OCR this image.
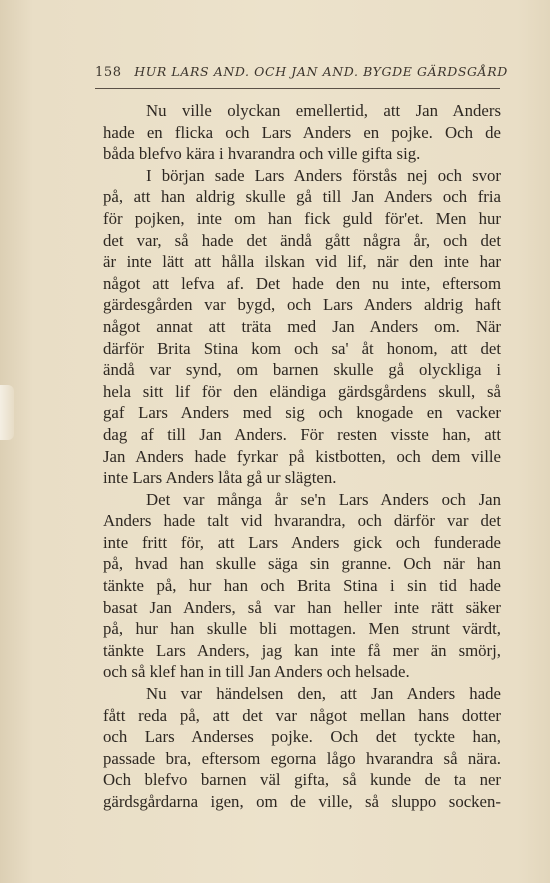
158 HUR LARS AND. OCH JAN AND. BYGDE GÄRDSGÅRD
Nu ville olyckan emellertid, att Jan Anders
hade en flicka och Lars Anders en pojke. Och de
båda blefvo kära i hvarandra och ville gifta sig.
I början sade Lars Anders förstås nej och svor
på, att han aldrig skulle gå till Jan Anders och fria
för pojken, inte om han fick guld för'et. Men hur
det var, så hade det ändå gått några år, och det
är inte lätt att hålla ilskan vid lif, när den inte har
något att lefva af. Det hade den nu inte, eftersom
gärdesgården var bygd, och Lars Anders aldrig haft
något annat att träta med Jan Anders om. När
därför Brita Stina kom och sa' åt honom, att det
ändå var synd, om barnen skulle gå olyckliga i
hela sitt lif för den eländiga gärdsgårdens skull, så
gaf Lars Anders med sig och knogade en vacker
dag af till Jan Anders. För resten visste han, att
Jan Anders hade fyrkar på kistbotten, och dem ville
inte Lars Anders låta gå ur slägten.
Det var många år se'n Lars Anders och Jan
Anders hade talt vid hvarandra, och därför var det
inte fritt för, att Lars Anders gick och funderade
på, hvad han skulle säga sin granne. Och när han
tänkte på, hur han och Brita Stina i sin tid hade
basat Jan Anders, så var han heller inte rätt säker
på, hur han skulle bli mottagen. Men strunt värdt,
tänkte Lars Anders, jag kan inte få mer än smörj,
och så klef han in till Jan Anders och helsade.
Nu var händelsen den, att Jan Anders hade
fått reda på, att det var något mellan hans dotter
och Lars Anderses pojke. Och det tyckte han,
passade bra, eftersom egorna lågo hvarandra så nära.
Och blefvo barnen väl gifta, så kunde de ta ner
gärdsgårdarna igen, om de ville, så sluppo socken-
